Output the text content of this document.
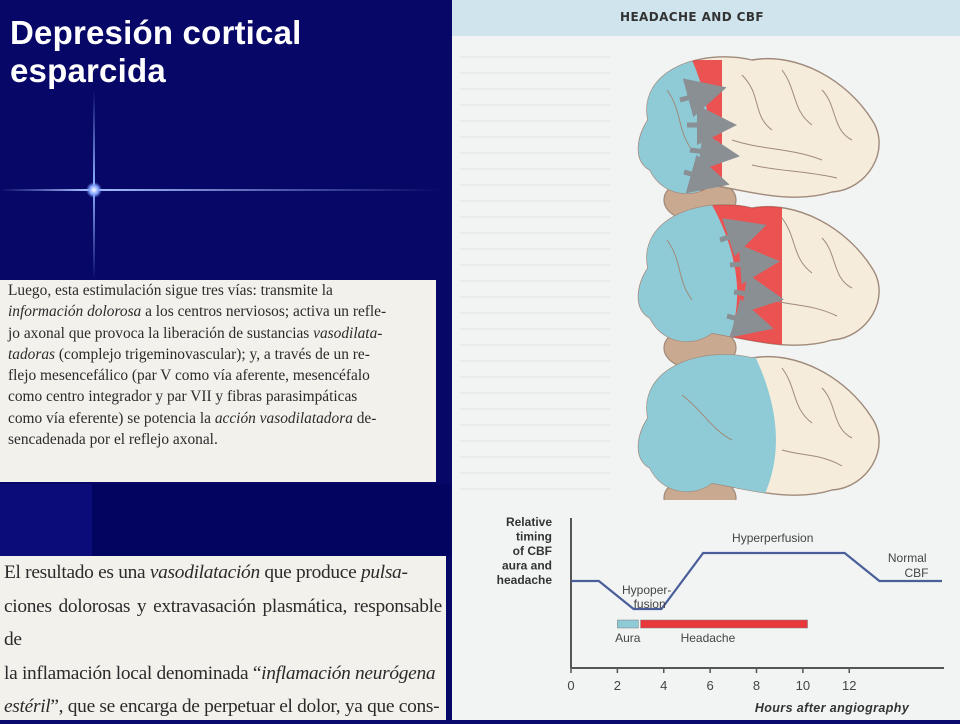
Depresión cortical
esparcida

Luego, esta estimulación sigue tres vías: transmite la

información dolorosa a los centros nerviosos; activa un refle-

jo axonal que provoca la liberación de sustancias vasodilata-

tadoras (complejo trigeminovascular); y, a través de un re-

flejo mesencefálico (par V como vía aferente, mesencéfalo

como centro integrador y par VII y fibras parasimpáticas

como vía eferente) se potencia la acción vasodilatadora de-

sencadenada por el reflejo axonal.

El resultado es una vasodilatación que produce pulsa-

ciones dolorosas y extravasación plasmática, responsable de

la inflamación local denominada “inflamación neurógena

estéril”, que se encarga de perpetuar el dolor, ya que cons-

HEADACHE AND CBF
Relative
timing
of CBF
aura and
headache
0	2	4	6	8	10 12
Aura	Headache
Hyperperfusion
Hypoper-
fusion
Normal
CBF
Hours after angiography
